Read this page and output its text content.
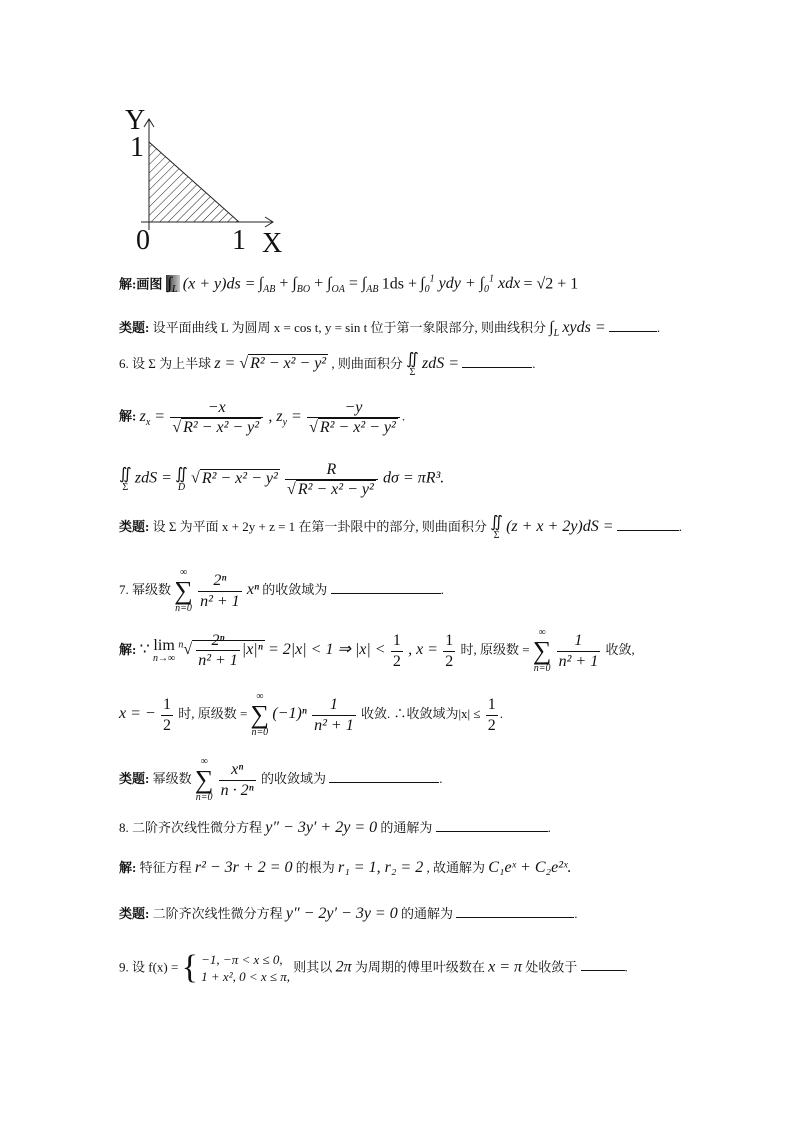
Y
1
0	1 X
解:画图 $\int_L$ $(x + y)ds = \int_{AB} + \int_{BO} + \int_{OA} = \int_{AB}$ $1ds + \int_0^1$ ydy + $\int_0^1$ xdx = √2 + 1
类题: 设平面曲线 L 为圆周 x = cos t, y = sin t 位于第一象限部分, 则曲线积分 $\int_L$ xyds =	.
6. 设 Σ 为上半球 z = √ R² − x² − y² , 则曲面积分 ∬
Σ
zdS =	.
解: $z_x = \frac{-x}{\text{√ R² − x² − y²}}$ , $z_y = \frac{-y}{\text{√ R² − x² − y²}}$ .
∬
Σ
zdS = ∬
D
√ $R^2 - x^2 - y^2 \frac{R}{\text{√ R² − x² − y²}}$ dσ = πR³.
类题: 设 Σ 为平面 x + 2y + z = 1 在第一卦限中的部分, 则曲面积分 ∬
Σ
(z + x + 2y)dS =	.
7. 幂级数
∞
∑
n=0
$\frac{\text{2ⁿ}}{\text{n² + 1}}$ xⁿ 的收敛域为	.
解: ∵ lim
n→∞
$^n√ \frac{\text{2ⁿ}}{\text{n² + 1}} |x|^n = 2|x| < 1$ ⇒ $|x| < \frac{1}{2}$ , $x = \frac{1}{2}$ 时, 原级数 =
∞
∑
n=0
$\frac{1}{\text{n² + 1}}$ 收敛,
x = − $\frac{1}{2}$ 时, 原级数 =
∞
∑
n=0
$(-1)^n \frac{1}{\text{n² + 1}}$ 收敛. ∴收敛域为$|x| \le \frac{1}{2}$ .
类题: 幂级数
∞
∑
n=0
$\frac{\text{xⁿ}}{\text{n · 2ⁿ}}$ 的收敛域为	.
8. 二阶齐次线性微分方程 y″ − 3y′ + 2y = 0 的通解为	.
解: 特征方程 r² − 3r + 2 = 0 的根为 r₁ = 1, r₂ = 2 , 故通解为 C₁eˣ + C₂e²ˣ.
类题: 二阶齐次线性微分方程 y″ − 2y′ − 3y = 0 的通解为	.
9. 设 f(x) = { −1, −π < x ≤ 0,
1 + x², 0 < x ≤ π,
则其以 2π 为周期的傅里叶级数在 x = π 处收敛于	.
